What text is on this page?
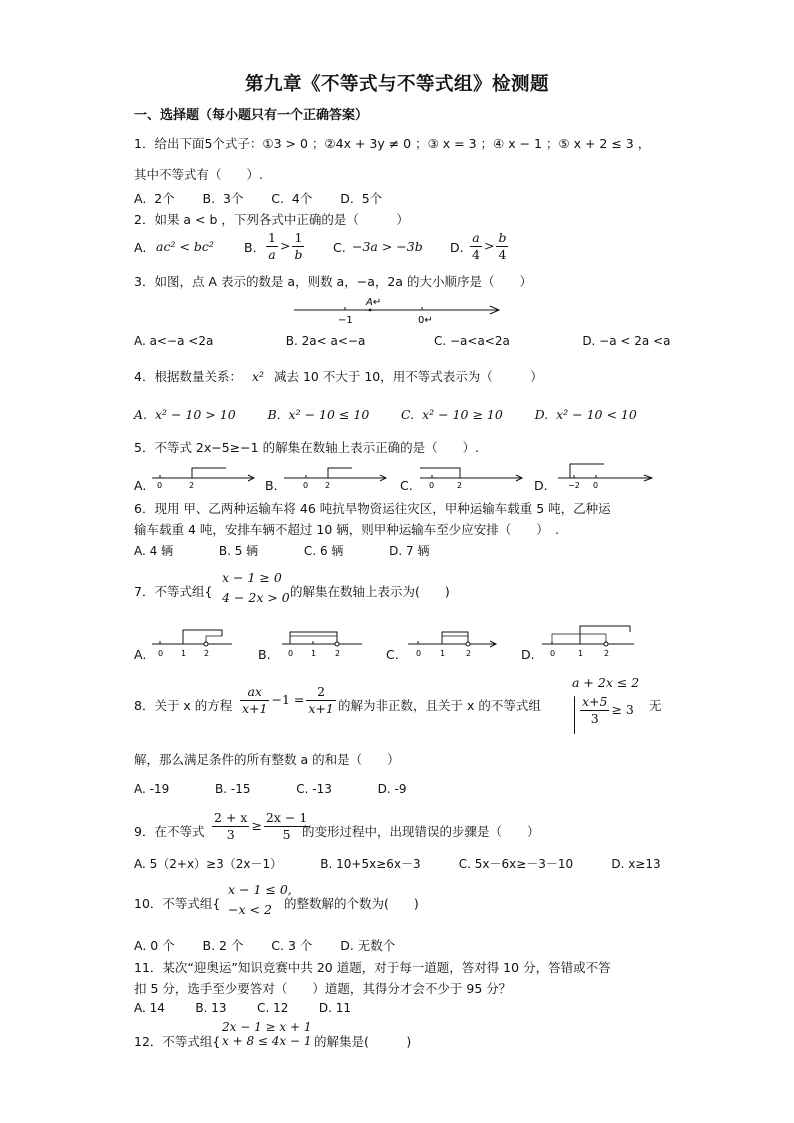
第九章《不等式与不等式组》检测题
一、选择题（每小题只有一个正确答案）
1．给出下面5个式子：①3 > 0 ；②4x + 3y ≠ 0 ；③ x = 3 ；④ x − 1 ；⑤ x + 2 ≤ 3 ，
其中不等式有（　　）.
A.  2个       B.  3个       C.  4个       D.  5个
2．如果 a < b ，下列各式中正确的是（　　　）
A. ac² < bc² B. $\frac{1}{a} > \frac{1}{b} C$. −3a > −3b D. $\frac{a}{4} > \frac{b}{4}$
3．如图，点 A 表示的数是 a，则数 a，−a，2a 的大小顺序是（　　）
A↵
−1	0↵
A. a<−a <2a                   B. 2a< a<−a                  C. −a<a<2a                   D. −a < 2a <a
4．根据数量关系： x² 减去 10 不大于 10，用不等式表示为（　　　）
A.  x² − 10 > 10        B.  x² − 10 ≤ 10        C.  x² − 10 ≥ 10        D.  x² − 10 < 10
5．不等式 2x−5≥−1 的解集在数轴上表示正确的是（　　）.
A. 0	2	B.	0 2	C. 0	2	D.	−2 0
6．现用 甲、乙两种运输车将 46 吨抗旱物资运往灾区，甲种运输车载重 5 吨，乙种运
输车载重 4 吨，安排车辆不超过 10 辆，则甲种运输车至少应安排（　　）　.
A. 4 辆            B. 5 辆            C. 6 辆            D. 7 辆
7．不等式组{
x − 1 ≥ 0
4 − 2x > 0 的解集在数轴上表示为(　　)
A. 0 1 2	B. 0 1 2	C. 0 1	2	D. 0	1	2
8．关于 x 的方程 $\frac{ax}{x+1} -1 = \frac{2}{x+1}$ 的解为非正数，且关于 x 的不等式组
a + 2x ≤ 2
$\frac{x+5}{3} \ge 3$ 无
解，那么满足条件的所有整数 a 的和是（　　）
A. -19            B. -15            C. -13            D. -9
9．在不等式 $\frac{2 + x}{3} \ge \frac{2x - 1}{5}$
的变形过程中，出现错误的步骤是（　　）
A. 5（2+x）≥3（2x－1）          B. 10+5x≥6x－3          C. 5x－6x≥－3－10          D. x≥13
10．不等式组{
x − 1 ≤ 0,
−x < 2 的整数解的个数为(　　)
A. 0 个       B. 2 个       C. 3 个       D. 无数个
11．某次“迎奥运”知识竞赛中共 20 道题，对于每一道题，答对得 10 分，答错或不答
扣 5 分，选手至少要答对（　　）道题，其得分才会不少于 95 分？
A. 14        B. 13        C. 12        D. 11
12．不等式组{
2x − 1 ≥ x + 1
x + 8 ≤ 4x − 1 的解集是(　　　)
